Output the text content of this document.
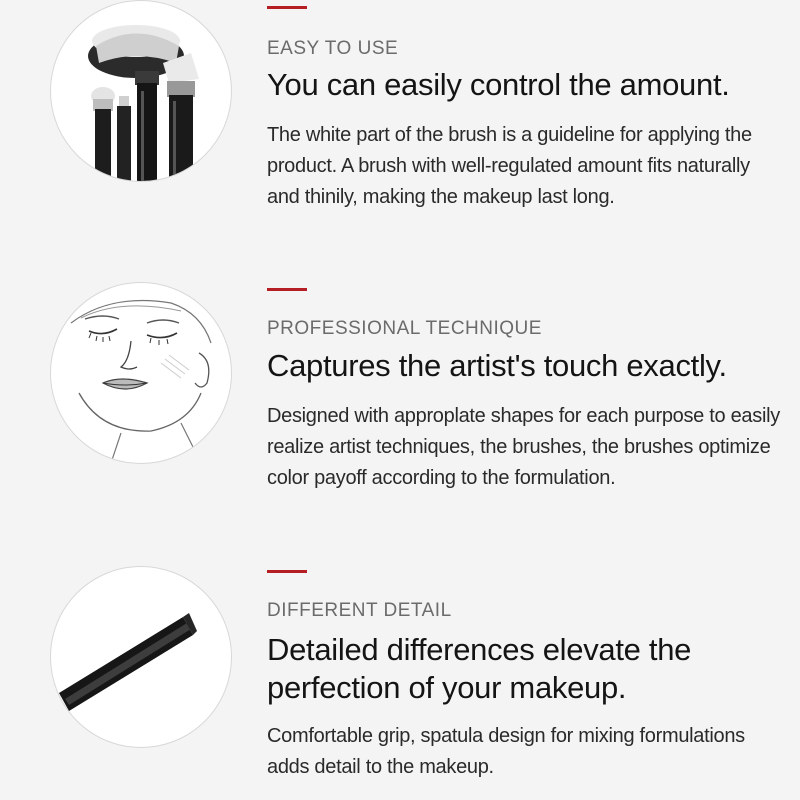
EASY TO USE
You can easily control the amount.
The white part of the brush is a guideline for applying the product. A brush with well-regulated amount fits naturally and thinily, making the makeup last long.
PROFESSIONAL TECHNIQUE
Captures the artist's touch exactly.
Designed with approplate shapes for each purpose to easily realize artist techniques, the brushes, the brushes optimize color payoff according to the formulation.
DIFFERENT DETAIL
Detailed differences elevate the perfection of your makeup.
Comfortable grip, spatula design for mixing formulations adds detail to the makeup.
